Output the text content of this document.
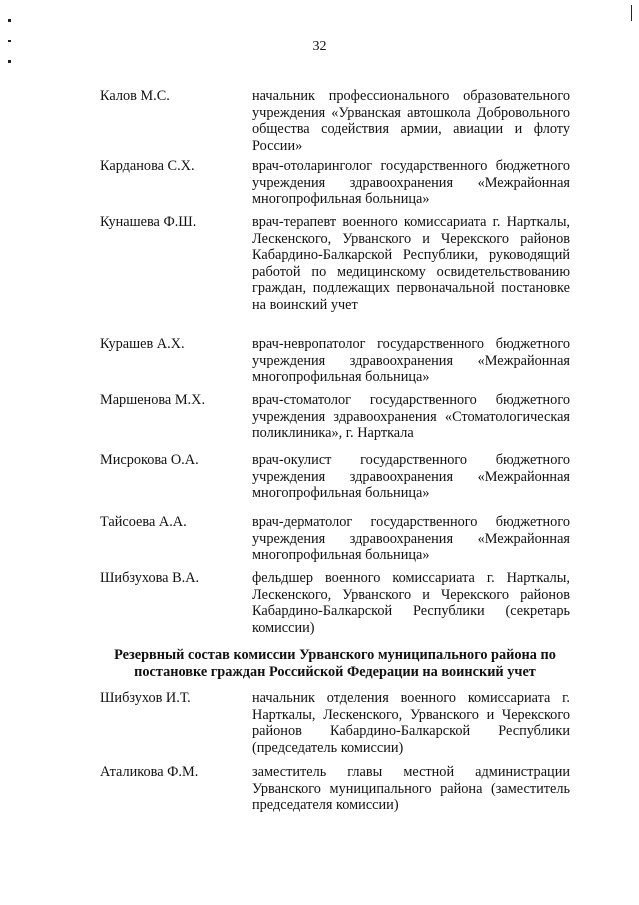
32
Калов М.С.	начальник профессионального образовательного учреждения «Урванская автошкола Добровольного общества содействия армии, авиации и флоту России»
Карданова С.Х.	врач-отоларинголог государственного бюджетного учреждения здравоохранения «Межрайонная многопрофильная больница»
Кунашева Ф.Ш.	врач-терапевт военного комиссариата г. Нарткалы, Лескенского, Урванского и Черекского районов Кабардино-Балкарской Республики, руководящий работой по медицинскому освидетельствованию граждан, подлежащих первоначальной постановке на воинский учет
Курашев А.Х.	врач-невропатолог государственного бюджетного учреждения здравоохранения «Межрайонная многопрофильная больница»
Маршенова М.Х.	врач-стоматолог государственного бюджетного учреждения здравоохранения «Стоматологическая поликлиника», г. Нарткала
Мисрокова О.А.	врач-окулист государственного бюджетного учреждения здравоохранения «Межрайонная многопрофильная больница»
Тайсоева А.А.	врач-дерматолог государственного бюджетного учреждения здравоохранения «Межрайонная многопрофильная больница»
Шибзухова В.А.	фельдшер военного комиссариата г. Нарткалы, Лескенского, Урванского и Черекского районов Кабардино-Балкарской Республики (секретарь комиссии)
Резервный состав комиссии Урванского муниципального района по постановке граждан Российской Федерации на воинский учет
Шибзухов И.Т.	начальник отделения военного комиссариата г. Нарткалы, Лескенского, Урванского и Черекского районов Кабардино-Балкарской Республики (председатель комиссии)
Аталикова Ф.М.	заместитель главы местной администрации Урванского муниципального района (заместитель председателя комиссии)
